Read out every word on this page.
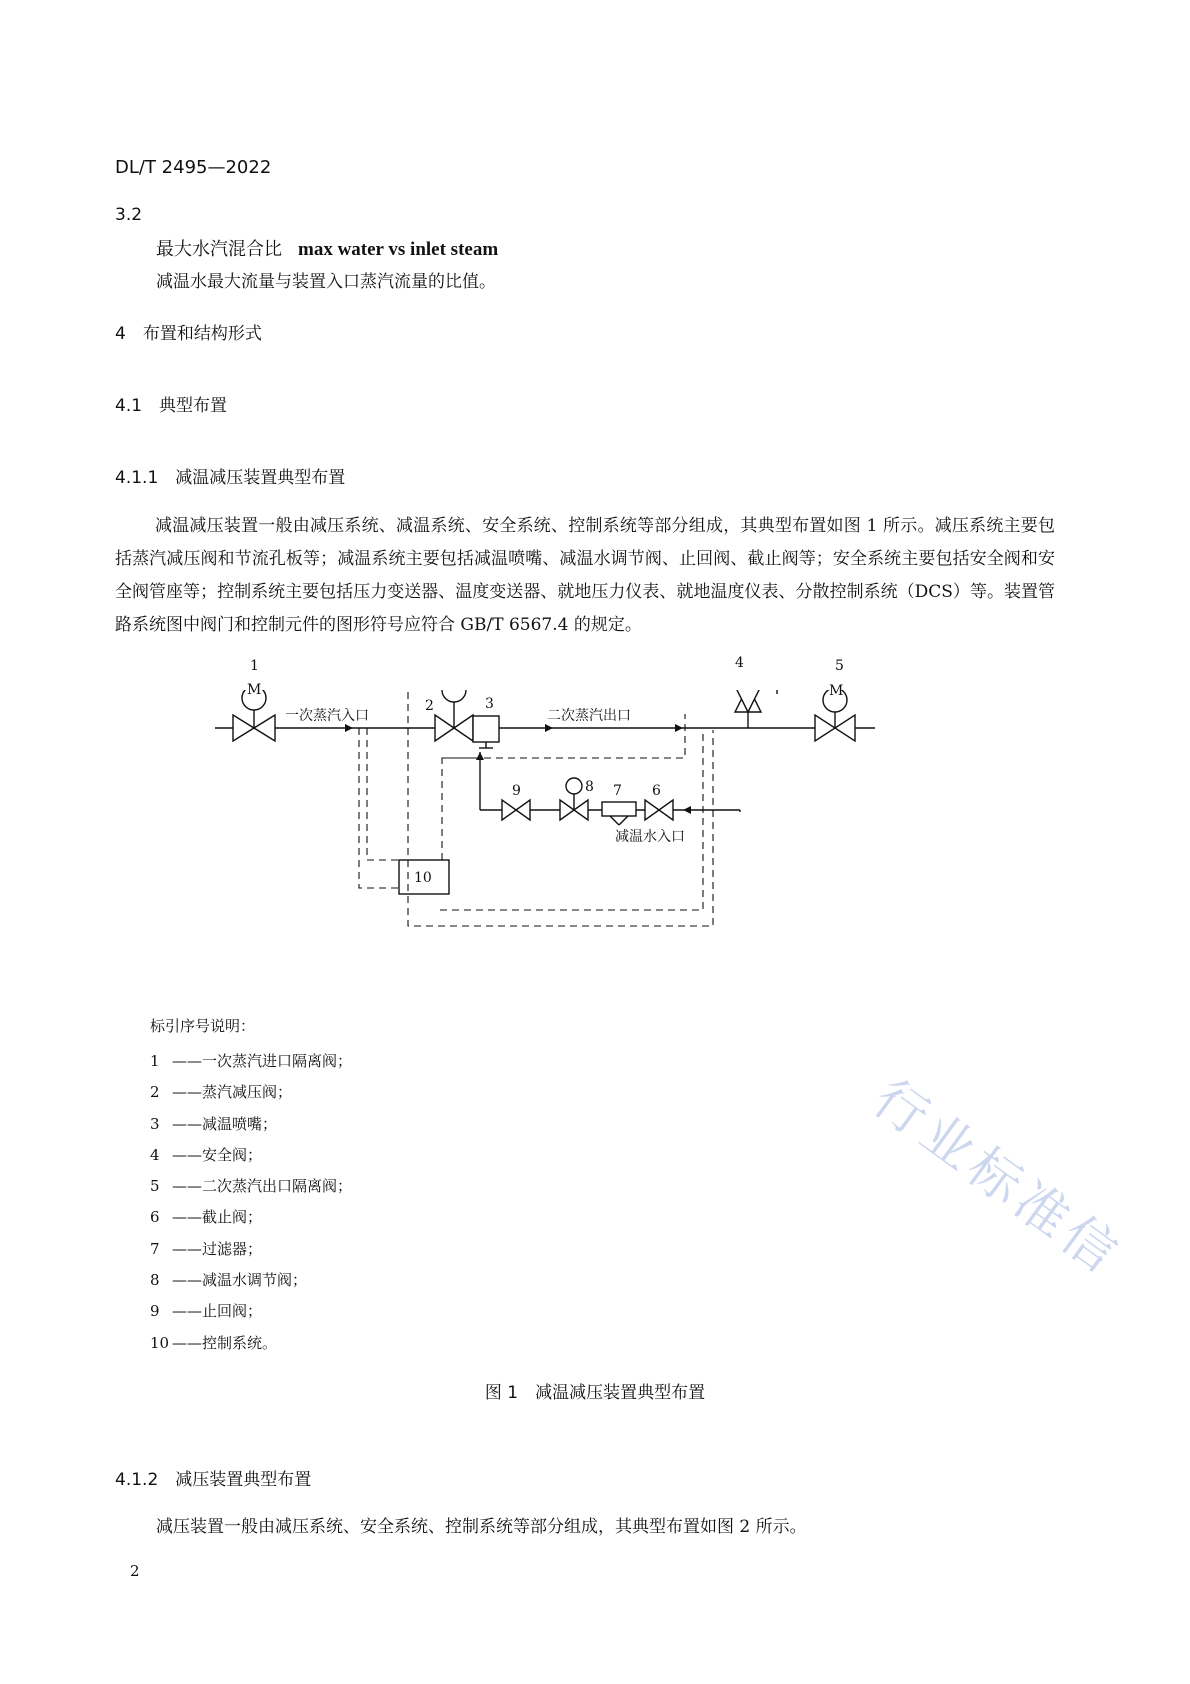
DL/T 2495—2022
3.2
最大水汽混合比 max water vs inlet steam
减温水最大流量与装置入口蒸汽流量的比值。
4　布置和结构形式
4.1　典型布置
4.1.1　减温减压装置典型布置
减温减压装置一般由减压系统、减温系统、安全系统、控制系统等部分组成，其典型布置如图 1 所示。减压系统主要包括蒸汽减压阀和节流孔板等；减温系统主要包括减温喷嘴、减温水调节阀、止回阀、截止阀等；安全系统主要包括安全阀和安全阀管座等；控制系统主要包括压力变送器、温度变送器、就地压力仪表、就地温度仪表、分散控制系统（DCS）等。装置管路系统图中阀门和控制元件的图形符号应符合 GB/T 6567.4 的规定。
1
M
2	3
4	5
M
6
7
8
9
10
一次蒸汽入口	二次蒸汽出口
减温水入口
标引序号说明：
1 ——一次蒸汽进口隔离阀；
2 ——蒸汽减压阀；
3 ——减温喷嘴；
4 ——安全阀；
5 ——二次蒸汽出口隔离阀；
6 ——截止阀；
7 ——过滤器；
8 ——减温水调节阀；
9 ——止回阀；
10 ——控制系统。
图 1　减温减压装置典型布置
4.1.2　减压装置典型布置
减压装置一般由减压系统、安全系统、控制系统等部分组成，其典型布置如图 2 所示。
2
行业标准信
